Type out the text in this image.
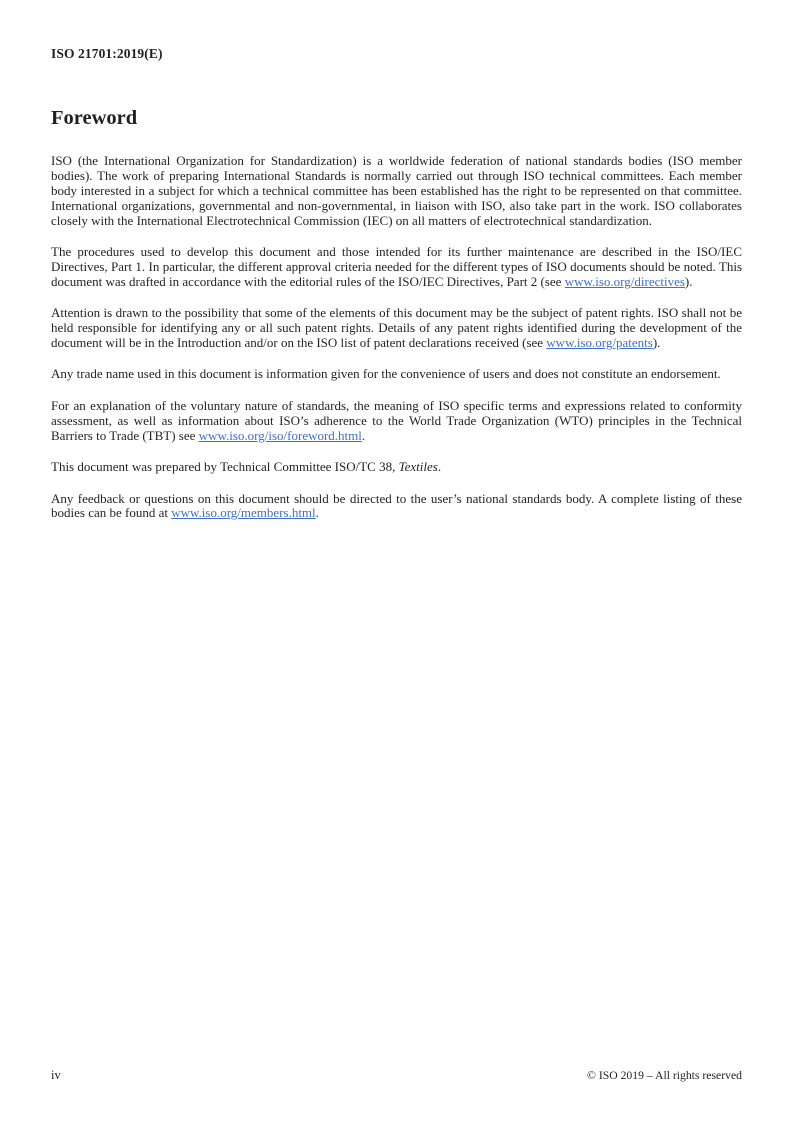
ISO 21701:2019(E)
Foreword

ISO (the International Organization for Standardization) is a worldwide federation of national standards bodies (ISO member bodies). The work of preparing International Standards is normally carried out through ISO technical committees. Each member body interested in a subject for which a technical committee has been established has the right to be represented on that committee. International organizations, governmental and non-governmental, in liaison with ISO, also take part in the work. ISO collaborates closely with the International Electrotechnical Commission (IEC) on all matters of electrotechnical standardization.

The procedures used to develop this document and those intended for its further maintenance are described in the ISO/IEC Directives, Part 1. In particular, the different approval criteria needed for the different types of ISO documents should be noted. This document was drafted in accordance with the editorial rules of the ISO/IEC Directives, Part 2 (see www.iso.org/directives).

Attention is drawn to the possibility that some of the elements of this document may be the subject of patent rights. ISO shall not be held responsible for identifying any or all such patent rights. Details of any patent rights identified during the development of the document will be in the Introduction and/or on the ISO list of patent declarations received (see www.iso.org/patents).

Any trade name used in this document is information given for the convenience of users and does not constitute an endorsement.

For an explanation of the voluntary nature of standards, the meaning of ISO specific terms and expressions related to conformity assessment, as well as information about ISO’s adherence to the World Trade Organization (WTO) principles in the Technical Barriers to Trade (TBT) see www.iso.org/iso/foreword.html.

This document was prepared by Technical Committee ISO/TC 38, Textiles.

Any feedback or questions on this document should be directed to the user’s national standards body. A complete listing of these bodies can be found at www.iso.org/members.html.

iv	© ISO 2019 – All rights reserved
